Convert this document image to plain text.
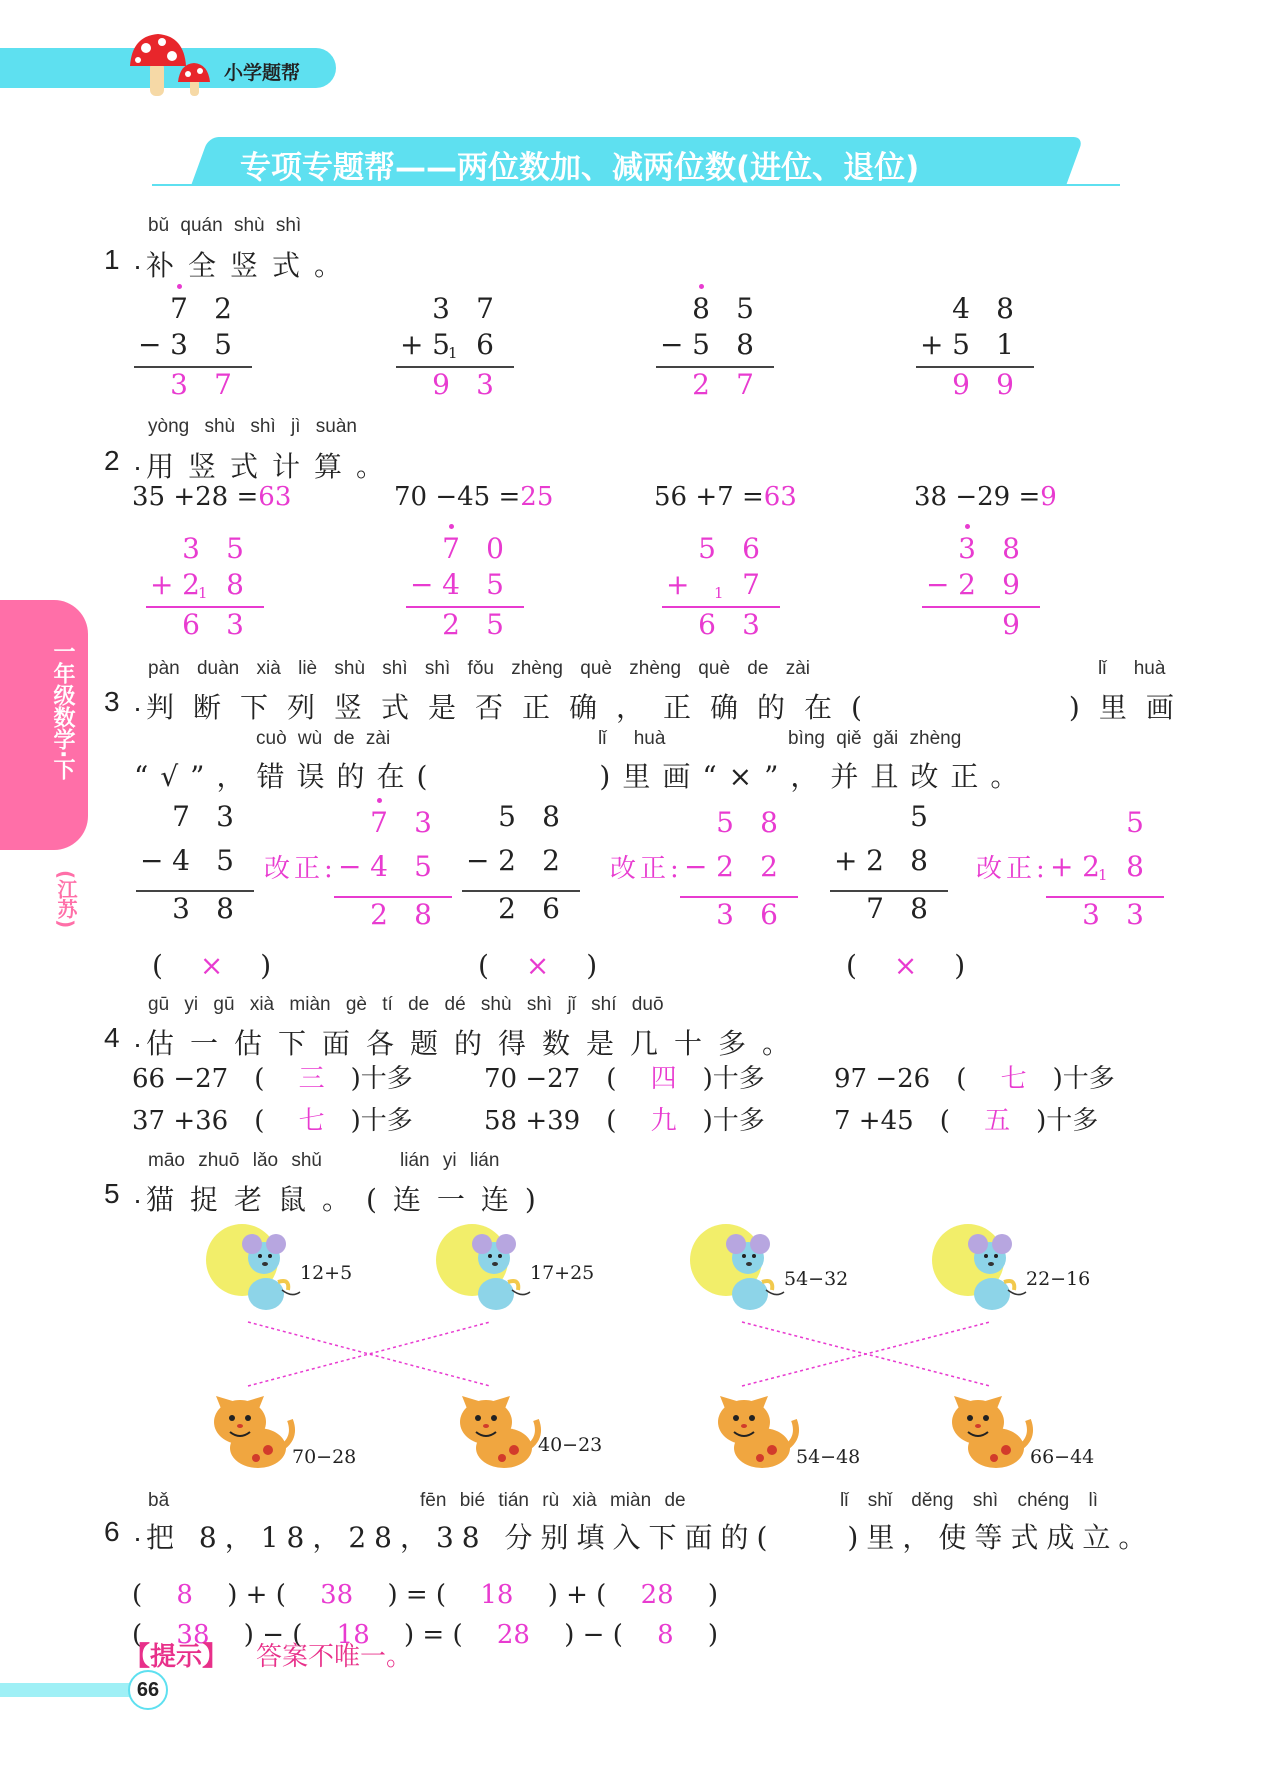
小学题帮
专项专题帮——两位数加、减两位数(进位、退位)
一年级数学·下
(江苏)
bǔ quán shù shì
1.
补全竖式。
7 2
− 3 5
3 7
3 7
+ 5 6
1
9 3
8 5
− 5 8
2 7
4 8
+ 5 1
9 9
yòng shù shì jì suàn
2.
用竖式计算。
35 +28 =63	70 −45 =25	56 +7 =63	38 −29 =9
3 5
+ 2 8
1
6 3
7 0
− 4 5
2 5
5 6
+ 7
1
6 3
3 8
− 2 9
9
pàn duàn xià liè shù shì shì fǒu zhèng què zhèng què de zài	lǐ huà
3.
判断下列竖式是否正确，正确的在(　　　　)里画
cuò wù de zài	lǐ huà	bìng qiě gǎi zhèng
“√”，错误的在(　　　　)里画“×”，并且改正。
7 3
− 4 5
3 8
改正:
7 3
− 4 5
2 8
(　 × 　)
5 8
− 2 2
2 6
改正:
5 8
− 2 2
3 6
(　 × 　)
5
+ 2 8
7 8
改正:
5
+ 2 8
1
3 3
(　 × 　)
gū yi gū xià miàn gè tí de dé shù shì jǐ shí duō
4.
估一估下面各题的得数是几十多。
66 −27　(　 三　)十多	70 −27　(　 四　)十多	97 −26　(　 七　)十多
37 +36　(　 七　)十多	58 +39　(　 九　)十多	7 +45　(　 五　)十多
māo zhuō lǎo shǔ	lián yi lián
5.
猫捉老鼠。(连一连)
12+5	17+25	54−32	22−16
70−28
40−23
54−48	66−44
bǎ	fēn bié tián rù xià miàn de	lǐ shǐ děng shì chéng lì
6.
把 8，18，28，38 分别填入下面的(　　)里，使等式成立。
(　 8 　) + (　 38 　) = (　 18 　) + (　 28 　)
(　 38 　) − (　 18 　) = (　 28 　) − (　 8 　)
【提示】 答案不唯一。
66
